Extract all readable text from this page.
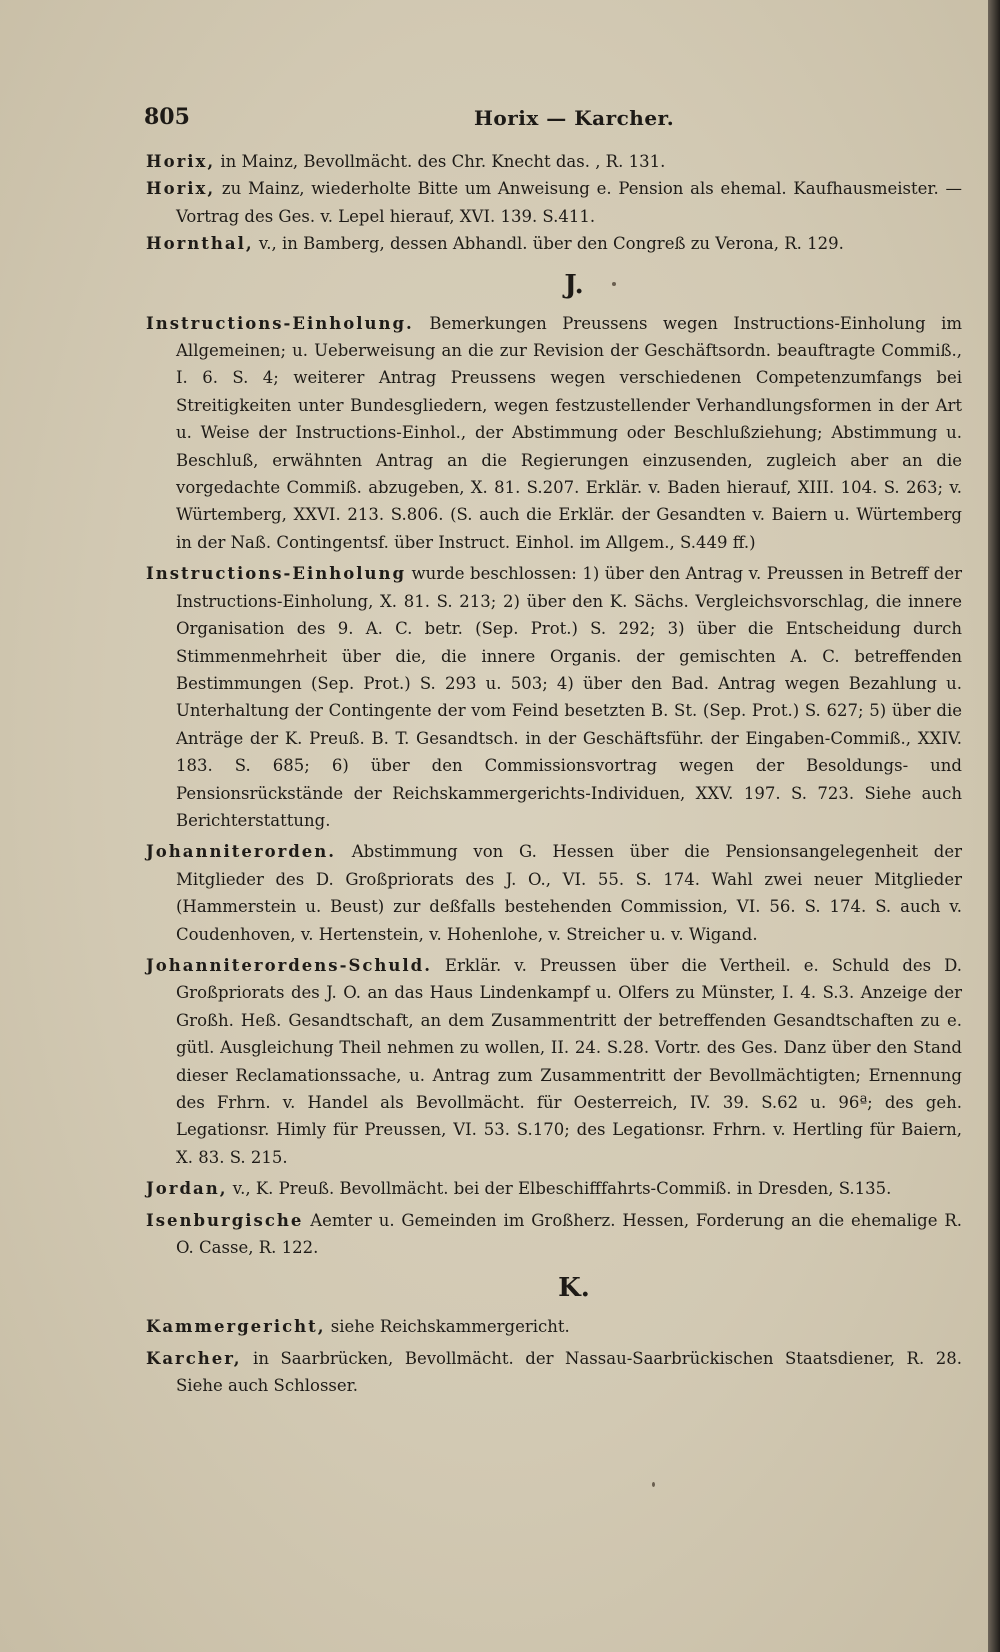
805	Horix — Karcher.

Horix, in Mainz, Bevollmächt. des Chr. Knecht das. , R. 131.

Horix, zu Mainz, wiederholte Bitte um Anweisung e. Pension als ehemal. Kaufhausmeister. — Vortrag des Ges. v. Lepel hierauf, XVI. 139. S.411.

Hornthal, v., in Bamberg, dessen Abhandl. über den Congreß zu Verona, R. 129.

J.

Instructions-Einholung. Bemerkungen Preussens wegen Instructions-Einholung im Allgemeinen; u. Ueberweisung an die zur Revision der Geschäftsordn. beauftragte Commiß., I. 6. S. 4; weiterer Antrag Preussens wegen verschiedenen Competenzumfangs bei Streitigkeiten unter Bundesgliedern, wegen festzustellender Verhandlungsformen in der Art u. Weise der Instructions-Einhol., der Abstimmung oder Beschlußziehung; Abstimmung u. Beschluß, erwähnten Antrag an die Regierungen einzusenden, zugleich aber an die vorgedachte Commiß. abzugeben, X. 81. S.207. Erklär. v. Baden hierauf, XIII. 104. S. 263; v. Würtemberg, XXVI. 213. S.806. (S. auch die Erklär. der Gesandten v. Baiern u. Würtemberg in der Naß. Contingentsf. über Instruct. Einhol. im Allgem., S.449 ff.)

Instructions-Einholung wurde beschlossen: 1) über den Antrag v. Preussen in Betreff der Instructions-Einholung, X. 81. S. 213; 2) über den K. Sächs. Vergleichsvorschlag, die innere Organisation des 9. A. C. betr. (Sep. Prot.) S. 292; 3) über die Entscheidung durch Stimmenmehrheit über die, die innere Organis. der gemischten A. C. betreffenden Bestimmungen (Sep. Prot.) S. 293 u. 503; 4) über den Bad. Antrag wegen Bezahlung u. Unterhaltung der Contingente der vom Feind besetzten B. St. (Sep. Prot.) S. 627; 5) über die Anträge der K. Preuß. B. T. Gesandtsch. in der Geschäftsführ. der Eingaben-Commiß., XXIV. 183. S. 685; 6) über den Commissionsvortrag wegen der Besoldungs- und Pensionsrückstände der Reichskammergerichts-Individuen, XXV. 197. S. 723. Siehe auch Berichterstattung.

Johanniterorden. Abstimmung von G. Hessen über die Pensionsangelegenheit der Mitglieder des D. Großpriorats des J. O., VI. 55. S. 174. Wahl zwei neuer Mitglieder (Hammerstein u. Beust) zur deßfalls bestehenden Commission, VI. 56. S. 174. S. auch v. Coudenhoven, v. Hertenstein, v. Hohenlohe, v. Streicher u. v. Wigand.

Johanniterordens-Schuld. Erklär. v. Preussen über die Vertheil. e. Schuld des D. Großpriorats des J. O. an das Haus Lindenkampf u. Olfers zu Münster, I. 4. S.3. Anzeige der Großh. Heß. Gesandtschaft, an dem Zusammentritt der betreffenden Gesandtschaften zu e. gütl. Ausgleichung Theil nehmen zu wollen, II. 24. S.28. Vortr. des Ges. Danz über den Stand dieser Reclamationssache, u. Antrag zum Zusammentritt der Bevollmächtigten; Ernennung des Frhrn. v. Handel als Bevollmächt. für Oesterreich, IV. 39. S.62 u. 96ª; des geh. Legationsr. Himly für Preussen, VI. 53. S.170; des Legationsr. Frhrn. v. Hertling für Baiern, X. 83. S. 215.

Jordan, v., K. Preuß. Bevollmächt. bei der Elbeschifffahrts-Commiß. in Dresden, S.135.

Isenburgische Aemter u. Gemeinden im Großherz. Hessen, Forderung an die ehemalige R. O. Casse, R. 122.

K.

Kammergericht, siehe Reichskammergericht.

Karcher, in Saarbrücken, Bevollmächt. der Nassau-Saarbrückischen Staatsdiener, R. 28. Siehe auch Schlosser.
